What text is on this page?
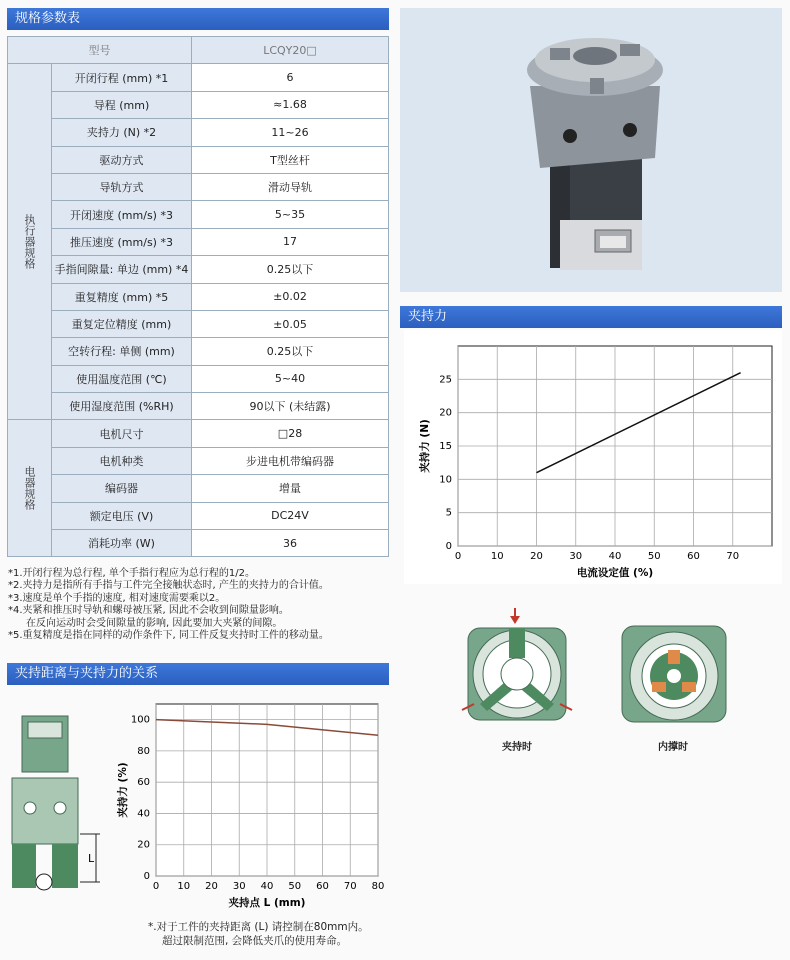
规格参数表
型号		LCQY20□
执行器规格	开闭行程 (mm) *1	6
	导程 (mm)	≈1.68
	夹持力 (N) *2	11~26
	驱动方式	T型丝杆
	导轨方式	滑动导轨
	开闭速度 (mm/s) *3	5~35
	推压速度 (mm/s) *3	17
	手指间隙量: 单边 (mm) *4	0.25以下
	重复精度 (mm) *5	±0.02
	重复定位精度 (mm)	±0.05
	空转行程: 单侧 (mm)	0.25以下
	使用温度范围 (℃)	5~40
	使用湿度范围 (%RH)	90以下 (未结露)
电器规格	电机尺寸	□28
	电机种类	步进电机带编码器
	编码器	增量
	额定电压 (V)	DC24V
	消耗功率 (W)	36
*1.开闭行程为总行程, 单个手指行程应为总行程的1/2。
*2.夹持力是指所有手指与工件完全接触状态时, 产生的夹持力的合计值。
*3.速度是单个手指的速度, 相对速度需要乘以2。
*4.夹紧和推压时导轨和螺母被压紧, 因此不会收到间隙量影响。
在反向运动时会受间隙量的影响, 因此要加大夹紧的间隙。
*5.重复精度是指在同样的动作条件下, 同工件反复夹持时工件的移动量。
夹持力
0	10	20	30	40	50	60	70
0
5
10
15
20
25
电流设定值 (%)
夹持力 (N)
夹持时	内撑时
夹持距离与夹持力的关系
L
0 10 20 30 40 50 60 70 80
0
20
40
60
80
100
夹持点 L (mm)
夹持力 (%)
*.对于工件的夹持距离 (L) 请控制在80mm内。
超过限制范围, 会降低夹爪的使用寿命。
